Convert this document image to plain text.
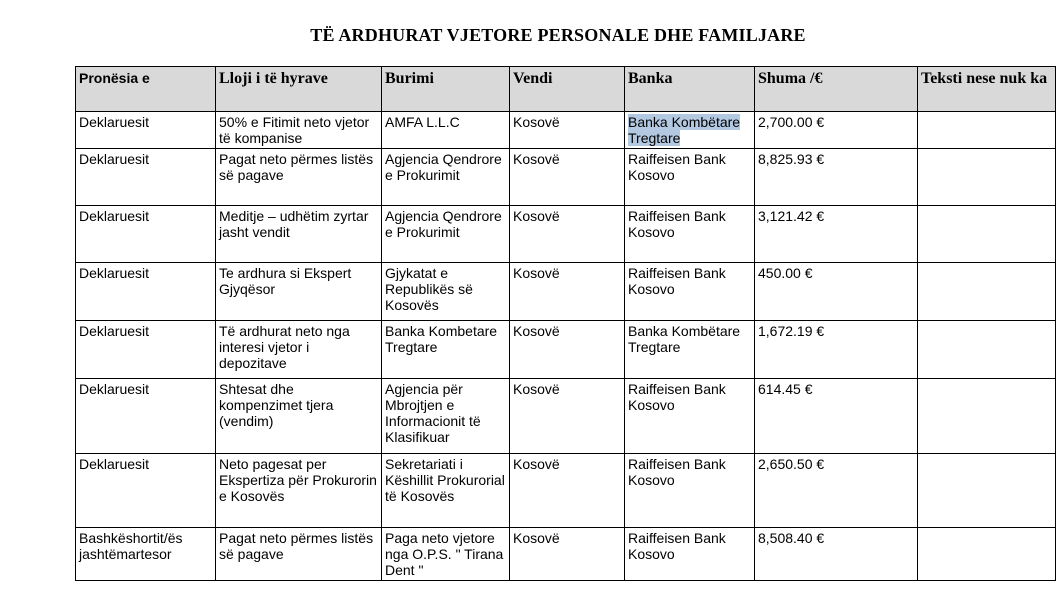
TË ARDHURAT VJETORE PERSONALE DHE FAMILJARE
Pronësia e	Lloji i të hyrave	Burimi	Vendi	Banka	Shuma /€	Teksti nese nuk ka
Deklaruesit	50% e Fitimit neto vjetor të kompanise	AMFA L.L.C	Kosovë	Banka Kombëtare Tregtare	2,700.00 €	
Deklaruesit	Pagat neto përmes listës së pagave	Agjencia Qendrore e Prokurimit	Kosovë	Raiffeisen Bank Kosovo	8,825.93 €	
Deklaruesit	Meditje – udhëtim zyrtar jasht vendit	Agjencia Qendrore e Prokurimit	Kosovë	Raiffeisen Bank Kosovo	3,121.42 €	
Deklaruesit	Te ardhura si Ekspert Gjyqësor	Gjykatat e Republikës së Kosovës	Kosovë	Raiffeisen Bank Kosovo	450.00 €	
Deklaruesit	Të ardhurat neto nga interesi vjetor i depozitave	Banka Kombetare Tregtare	Kosovë	Banka Kombëtare Tregtare	1,672.19 €	
Deklaruesit	Shtesat dhe kompenzimet tjera (vendim)	Agjencia për Mbrojtjen e Informacionit të Klasifikuar	Kosovë	Raiffeisen Bank Kosovo	614.45 €	
Deklaruesit	Neto pagesat per Ekspertiza për Prokurorin e Kosovës	Sekretariati i Këshillit Prokurorial të Kosovës	Kosovë	Raiffeisen Bank Kosovo	2,650.50 €	
Bashkëshortit/ës jashtëmartesor	Pagat neto përmes listës së pagave	Paga neto vjetore nga O.P.S. " Tirana Dent "	Kosovë	Raiffeisen Bank Kosovo	8,508.40 €	
